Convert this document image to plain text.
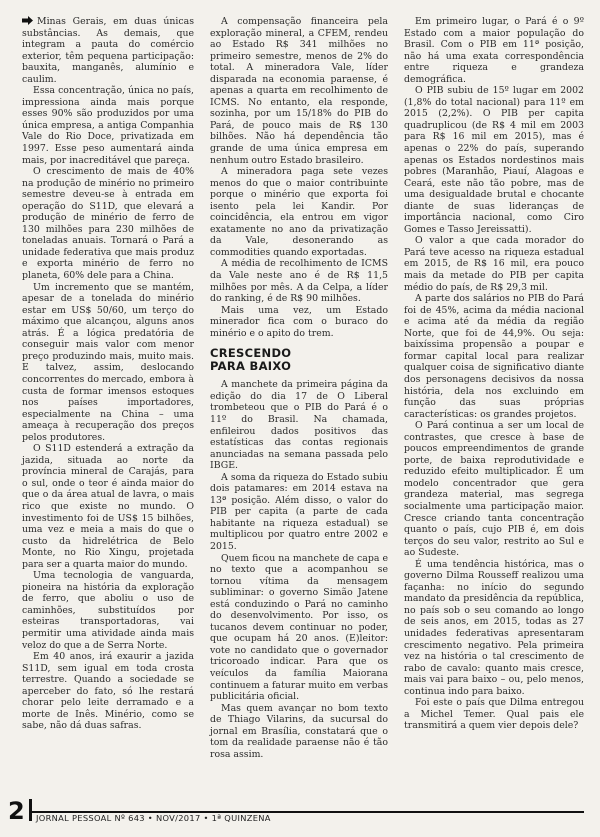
Minas Gerais, em duas únicas substâncias. As demais, que integram a pauta do comércio exterior, têm pequena participação: bauxita, manganês, alumínio e caulim.

Essa concentração, única no país, impressiona ainda mais porque esses 90% são produzidos por uma única empresa, a antiga Companhia Vale do Rio Doce, privatizada em 1997. Esse peso aumentará ainda mais, por inacreditável que pareça.

O crescimento de mais de 40% na produção de minério no primeiro semestre deveu-se à entrada em operação do S11D, que elevará a produção de minério de ferro de 130 milhões para 230 milhões de toneladas anuais. Tornará o Pará a unidade federativa que mais produz e exporta minério de ferro no planeta, 60% dele para a China.

Um incremento que se mantém, apesar de a tonelada do minério estar em US$ 50/60, um terço do máximo que alcançou, alguns anos atrás. É a lógica predatória de conseguir mais valor com menor preço produzindo mais, muito mais. E talvez, assim, deslocando concorrentes do mercado, embora à custa de formar imensos estoques nos países importadores, especialmente na China – uma ameaça à recuperação dos preços pelos produtores.

O S11D estenderá a extração da jazida, situada ao norte da província mineral de Carajás, para o sul, onde o teor é ainda maior do que o da área atual de lavra, o mais rico que existe no mundo. O investimento foi de US$ 15 bilhões, uma vez e meia a mais do que o custo da hidrelétrica de Belo Monte, no Rio Xingu, projetada para ser a quarta maior do mundo.

Uma tecnologia de vanguarda, pioneira na história da exploração de ferro, que aboliu o uso de caminhões, substituídos por esteiras transportadoras, vai permitir uma atividade ainda mais veloz do que a de Serra Norte.

Em 40 anos, irá exaurir a jazida S11D, sem igual em toda crosta terrestre. Quando a sociedade se aperceber do fato, só lhe restará chorar pelo leite derramado e a morte de Inês. Minério, como se sabe, não dá duas safras.

A compensação financeira pela exploração mineral, a CFEM, rendeu ao Estado R$ 341 milhões no primeiro semestre, menos de 2% do total. A mineradora Vale, líder disparada na economia paraense, é apenas a quarta em recolhimento de ICMS. No entanto, ela responde, sozinha, por um 15/18% do PIB do Pará, de pouco mais de R$ 130 bilhões. Não há dependência tão grande de uma única empresa em nenhum outro Estado brasileiro.

A mineradora paga sete vezes menos do que o maior contribuinte porque o minério que exporta foi isento pela lei Kandir. Por coincidência, ela entrou em vigor exatamente no ano da privatização da Vale, desonerando as commodities quando exportadas.

A média de recolhimento de ICMS da Vale neste ano é de R$ 11,5 milhões por mês. A da Celpa, a líder do ranking, é de R$ 90 milhões.

Mais uma vez, um Estado minerador fica com o buraco do minério e o apito do trem.

CRESCENDO
PARA BAIXO

A manchete da primeira página da edição do dia 17 de O Liberal trombeteou que o PIB do Pará é o 11º do Brasil. Na chamada, enfileirou dados positivos das estatísticas das contas regionais anunciadas na semana passada pelo IBGE.

A soma da riqueza do Estado subiu dois patamares: em 2014 estava na 13ª posição. Além disso, o valor do PIB per capita (a parte de cada habitante na riqueza estadual) se multiplicou por quatro entre 2002 e 2015.

Quem ficou na manchete de capa e no texto que a acompanhou se tornou vítima da mensagem subliminar: o governo Simão Jatene está conduzindo o Pará no caminho do desenvolvimento. Por isso, os tucanos devem continuar no poder, que ocupam há 20 anos. (E)leitor: vote no candidato que o governador tricoroado indicar. Para que os veículos da família Maiorana continuem a faturar muito em verbas publicitária oficial.

Mas quem avançar no bom texto de Thiago Vilarins, da sucursal do jornal em Brasília, constatará que o tom da realidade paraense não é tão rosa assim.

Em primeiro lugar, o Pará é o 9º Estado com a maior população do Brasil. Com o PIB em 11ª posição, não há uma exata correspondência entre riqueza e grandeza demográfica.

O PIB subiu de 15º lugar em 2002 (1,8% do total nacional) para 11º em 2015 (2,2%). O PIB per capita quadruplicou (de R$ 4 mil em 2003 para R$ 16 mil em 2015), mas é apenas o 22% do país, superando apenas os Estados nordestinos mais pobres (Maranhão, Piauí, Alagoas e Ceará, este não tão pobre, mas de uma desigualdade brutal e chocante diante de suas lideranças de importância nacional, como Ciro Gomes e Tasso Jereissatti).

O valor a que cada morador do Pará teve acesso na riqueza estadual em 2015, de R$ 16 mil, era pouco mais da metade do PIB per capita médio do país, de R$ 29,3 mil.

A parte dos salários no PIB do Pará foi de 45%, acima da média nacional e acima até da média da região Norte, que foi de 44,9%. Ou seja: baixíssima propensão a poupar e formar capital local para realizar qualquer coisa de significativo diante dos personagens decisivos da nossa história, dela nos excluindo em função das suas próprias características: os grandes projetos.

O Pará continua a ser um local de contrastes, que cresce à base de poucos empreendimentos de grande porte, de baixa reprodutividade e reduzido efeito multiplicador. É um modelo concentrador que gera grandeza material, mas segrega socialmente uma participação maior. Cresce criando tanta concentração quanto o país, cujo PIB é, em dois terços do seu valor, restrito ao Sul e ao Sudeste.

É uma tendência histórica, mas o governo Dilma Rousseff realizou uma façanha: no início do segundo mandato da presidência da república, no país sob o seu comando ao longo de seis anos, em 2015, todas as 27 unidades federativas apresentaram crescimento negativo. Pela primeira vez na história o tal crescimento de rabo de cavalo: quanto mais cresce, mais vai para baixo – ou, pelo menos, continua indo para baixo.

Foi este o país que Dilma entregou a Michel Temer. Qual pais ele transmitirá a quem vier depois dele?

2 JORNAL PESSOAL Nº 643 • NOV/2017 • 1ª QUINZENA
